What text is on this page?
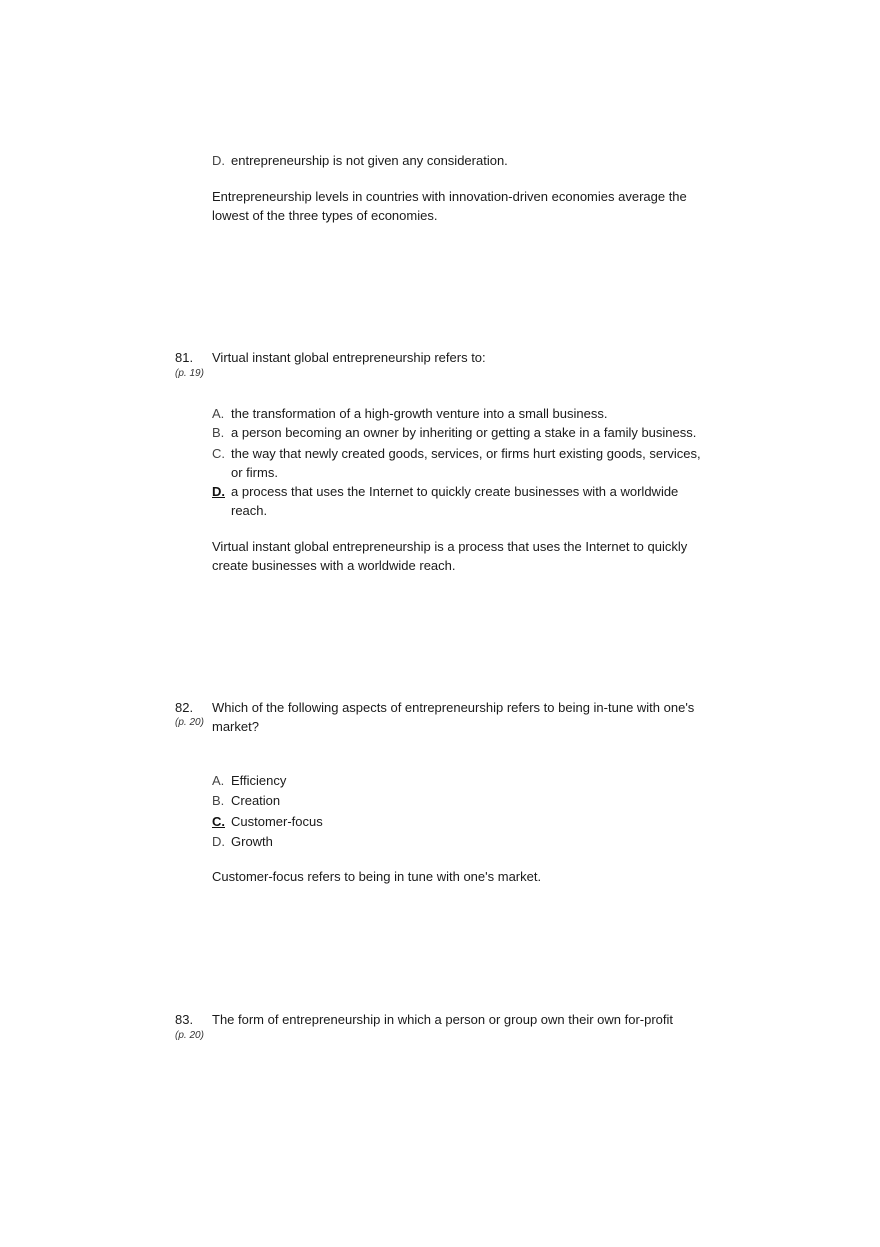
D. entrepreneurship is not given any consideration.
Entrepreneurship levels in countries with innovation-driven economies average the lowest of the three types of economies.
81.
(p. 19)
Virtual instant global entrepreneurship refers to:
A. the transformation of a high-growth venture into a small business.
B. a person becoming an owner by inheriting or getting a stake in a family business.
C. the way that newly created goods, services, or firms hurt existing goods, services, or firms.
D. a process that uses the Internet to quickly create businesses with a worldwide reach.
Virtual instant global entrepreneurship is a process that uses the Internet to quickly create businesses with a worldwide reach.
82.
(p. 20)
Which of the following aspects of entrepreneurship refers to being in-tune with one's market?
A. Efficiency
B. Creation
C. Customer-focus
D. Growth
Customer-focus refers to being in tune with one's market.
83.
(p. 20)
The form of entrepreneurship in which a person or group own their own for-profit
